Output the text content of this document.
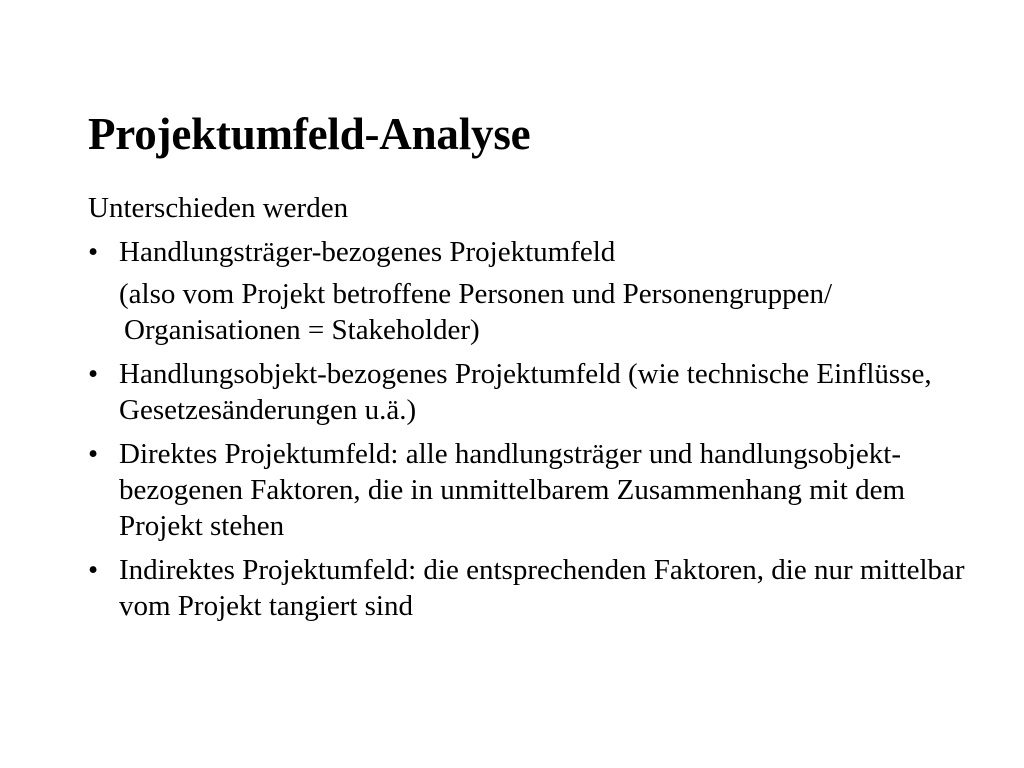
Projektumfeld-Analyse

Unterschieden werden

• Handlungsträger-bezogenes Projektumfeld
(also vom Projekt betroffene Personen und Personengruppen/ Organisationen = Stakeholder)
• Handlungsobjekt-bezogenes Projektumfeld (wie technische Einflüsse, Gesetzesänderungen u.ä.)
• Direktes Projektumfeld: alle handlungsträger und handlungsobjekt-bezogenen Faktoren, die in unmittelbarem Zusammenhang mit dem Projekt stehen
• Indirektes Projektumfeld: die entsprechenden Faktoren, die nur mittelbar vom Projekt tangiert sind
